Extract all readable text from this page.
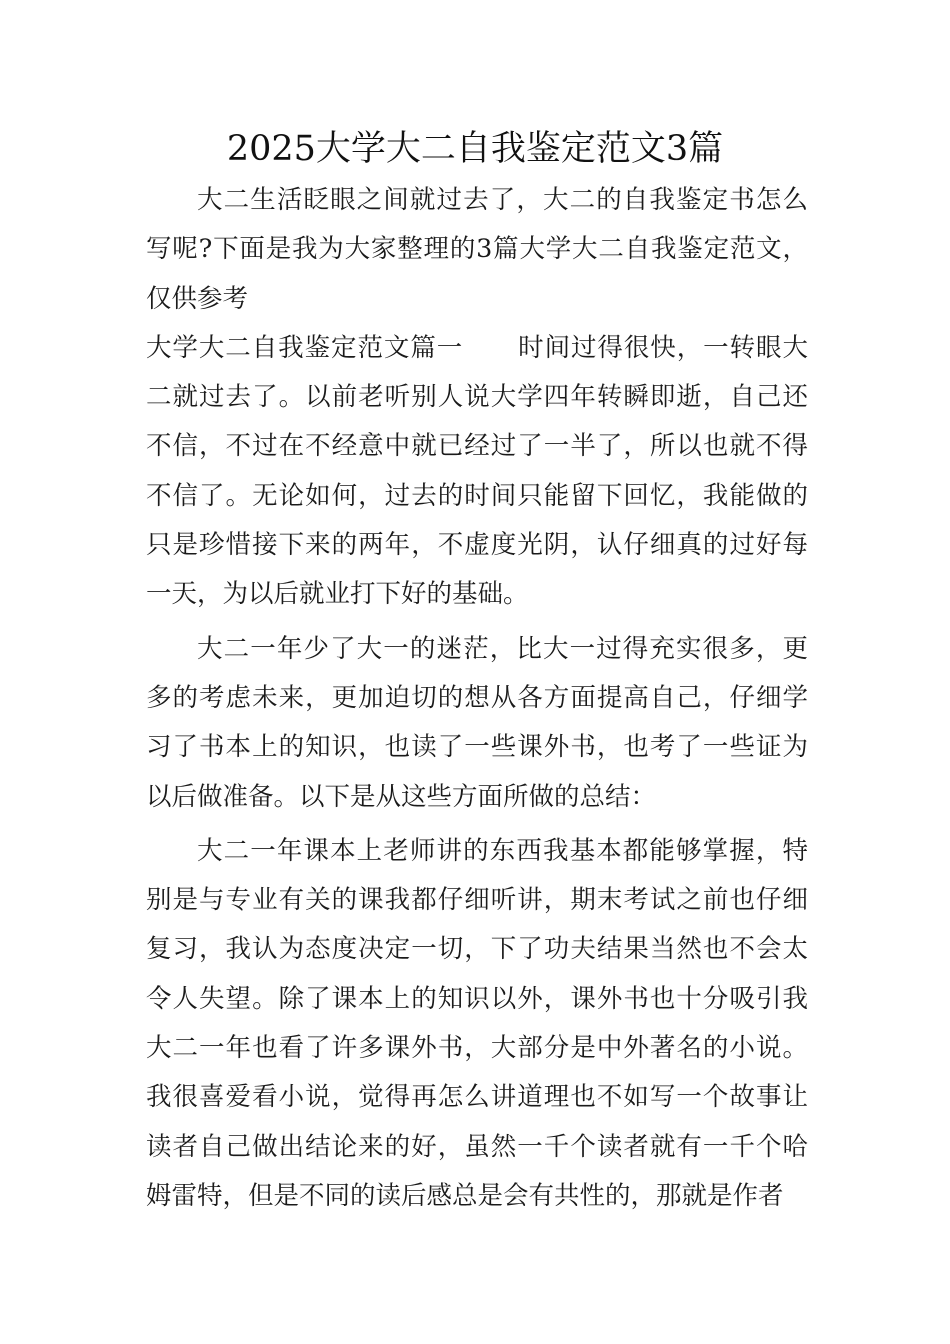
2025大学大二自我鉴定范文3篇

大二生活眨眼之间就过去了，大二的自我鉴定书怎么写呢?下面是我为大家整理的3篇大学大二自我鉴定范文，仅供参考

大学大二自我鉴定范文篇一 时间过得很快，一转眼大二就过去了。以前老听别人说大学四年转瞬即逝，自己还不信，不过在不经意中就已经过了一半了，所以也就不得不信了。无论如何，过去的时间只能留下回忆，我能做的只是珍惜接下来的两年，不虚度光阴，认仔细真的过好每一天，为以后就业打下好的基础。

大二一年少了大一的迷茫，比大一过得充实很多，更多的考虑未来，更加迫切的想从各方面提高自己，仔细学习了书本上的知识，也读了一些课外书，也考了一些证为以后做准备。以下是从这些方面所做的总结：

大二一年课本上老师讲的东西我基本都能够掌握，特别是与专业有关的课我都仔细听讲，期末考试之前也仔细复习，我认为态度决定一切，下了功夫结果当然也不会太令人失望。除了课本上的知识以外，课外书也十分吸引我大二一年也看了许多课外书，大部分是中外著名的小说。我很喜爱看小说，觉得再怎么讲道理也不如写一个故事让读者自己做出结论来的好，虽然一千个读者就有一千个哈姆雷特，但是不同的读后感总是会有共性的，那就是作者
